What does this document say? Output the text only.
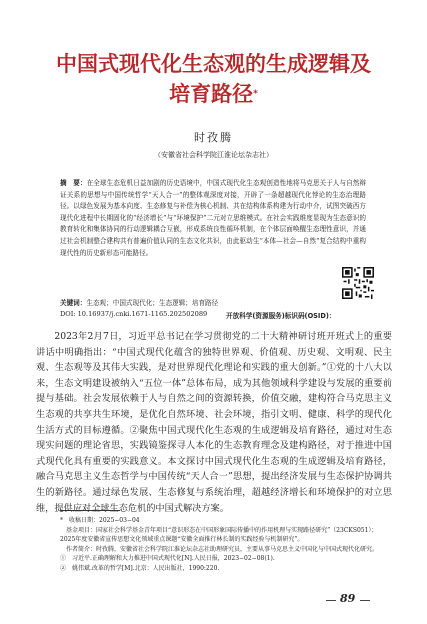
中国式现代化生态观的生成逻辑及
培育路径*
时孜腾
（安徽省社会科学院江淮论坛杂志社）
摘　要：在全球生态危机日益加剧的历史语境中，中国式现代化生态观创造性地将马克思关于人与自然辩证关系的思想与中国传统哲学“天人合一”的整体观深度对接，开辟了一条超越现代化悖论的生态治理路径。以绿色发展为基本向度、生态修复与补偿为核心机制、共在结构体系构建为行动中介，试图突破西方现代化进程中长期固化的“经济增长”与“环境保护”二元对立思维模式。在社会实践维度显现为生态意识的教育转化和集体协同的行动逻辑耦合互嵌，形成系统良性循环机制，在个体层面唤醒生态理性意识，并通过社会机制整合建构共有普遍价值认同的生态文化共识，由此驱动生“本体—社会—自然”复合结构中重构现代性的历史新形态可能路径。
关键词：生态观；中国式现代化；生态逻辑；培育路径
DOI: 10.16937/j.cnki.1671-1165.202502089	开放科学(资源服务)标识码(OSID)：
2023年2月7日，习近平总书记在学习贯彻党的二十大精神研讨班开班式上的重要讲话中明确指出：“中国式现代化蕴含的独特世界观、价值观、历史观、文明观、民主观、生态观等及其伟大实践，是对世界现代化理论和实践的重大创新。”①党的十八大以来，生态文明建设被纳入“五位一体”总体布局，成为其他领域科学建设与发展的重要前提与基础。社会发展依赖于人与自然之间的资源转换，价值交融，建构符合马克思主义生态观的共享共生环境，是优化自然环境、社会环境，指引文明、健康、科学的现代化生活方式的目标遵循。②聚焦中国式现代化生态观的生成逻辑及培育路径，通过对生态现实问题的理论省思，实践镜鉴探寻人本化的生态教育理念及建构路径，对于推进中国式现代化具有重要的实践意义。本文探讨中国式现代化生态观的生成逻辑及培育路径，融合马克思主义生态哲学与中国传统“天人合一”思想，提出经济发展与生态保护协调共生的新路径。通过绿色发展、生态修复与系统治理，超越经济增长和环境保护的对立思维，提供应对全球生态危机的中国式解决方案。

*　收稿日期：2025−03−04

　基金项目：国家社会科学基金青年项目“意识形态在中国形象国际传播中的作用机理与实现路径研究”（23CKS051）；2025年度安徽省宣传思想文化领域重点课题“安徽全面推行林长制的实践经验与机制研究”。

　作者简介：时孜腾，安徽省社会科学院江淮论坛杂志社助理研究员，主要从事马克思主义中国化与中国式现代化研究。

①　习近平.正确理解和大力推进中国式现代化[N].人民日报，2023−02−08(1).

②　姚伟斌.改革的哲学[M].北京：人民出版社，1990:220.

89
